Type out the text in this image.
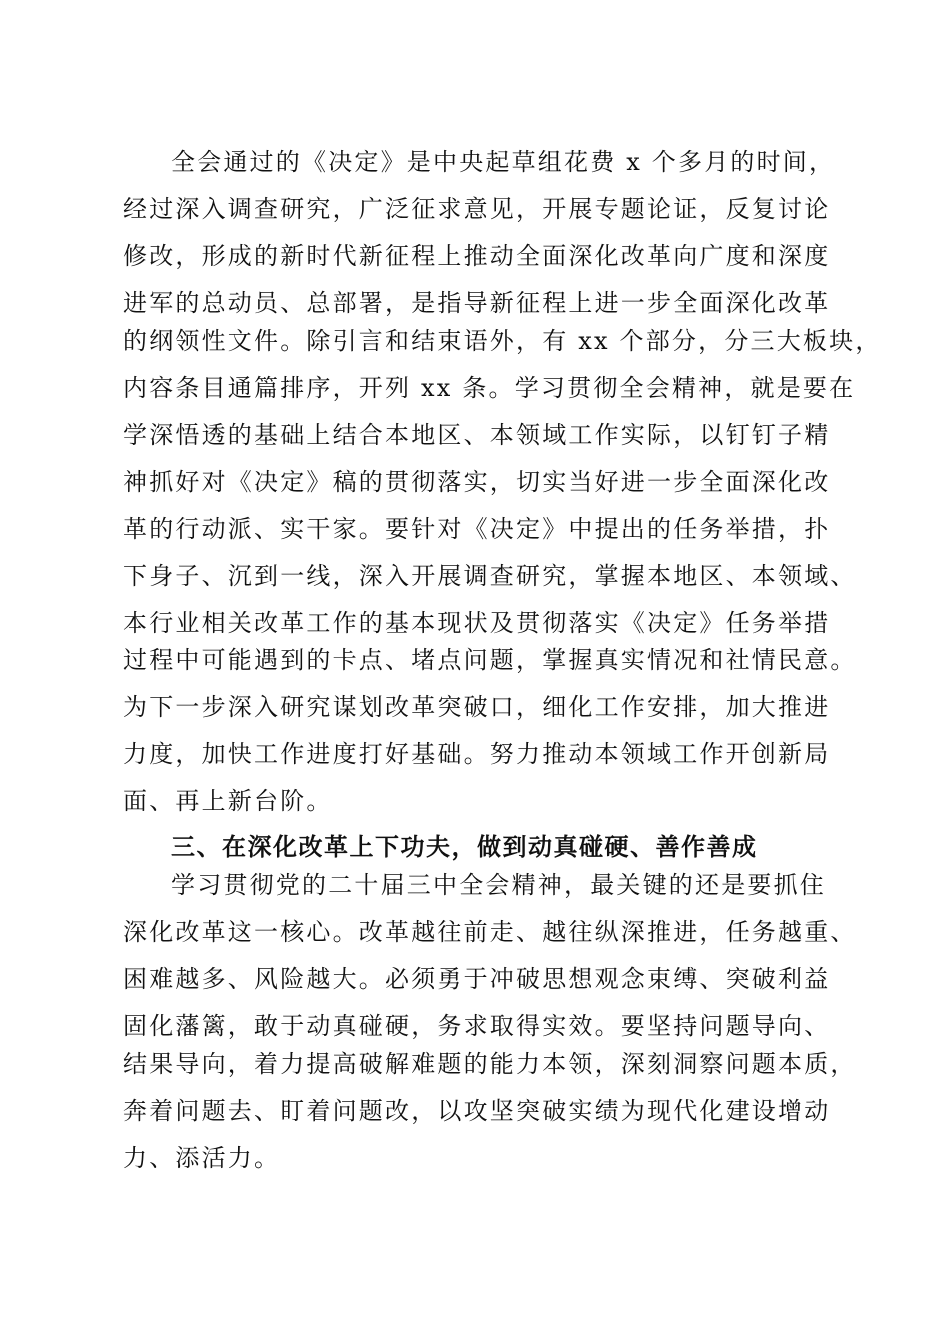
全会通过的《决定》是中央起草组花费 x 个多月的时间，
经过深入调查研究，广泛征求意见，开展专题论证，反复讨论
修改，形成的新时代新征程上推动全面深化改革向广度和深度
进军的总动员、总部署，是指导新征程上进一步全面深化改革
的纲领性文件。除引言和结束语外，有 xx 个部分，分三大板块，
内容条目通篇排序，开列 xx 条。学习贯彻全会精神，就是要在
学深悟透的基础上结合本地区、本领域工作实际，以钉钉子精
神抓好对《决定》稿的贯彻落实，切实当好进一步全面深化改
革的行动派、实干家。要针对《决定》中提出的任务举措，扑
下身子、沉到一线，深入开展调查研究，掌握本地区、本领域、
本行业相关改革工作的基本现状及贯彻落实《决定》任务举措
过程中可能遇到的卡点、堵点问题，掌握真实情况和社情民意。
为下一步深入研究谋划改革突破口，细化工作安排，加大推进
力度，加快工作进度打好基础。努力推动本领域工作开创新局
面、再上新台阶。
三、在深化改革上下功夫，做到动真碰硬、善作善成
学习贯彻党的二十届三中全会精神，最关键的还是要抓住
深化改革这一核心。改革越往前走、越往纵深推进，任务越重、
困难越多、风险越大。必须勇于冲破思想观念束缚、突破利益
固化藩篱，敢于动真碰硬，务求取得实效。要坚持问题导向、
结果导向，着力提高破解难题的能力本领，深刻洞察问题本质，
奔着问题去、盯着问题改，以攻坚突破实绩为现代化建设增动
力、添活力。
